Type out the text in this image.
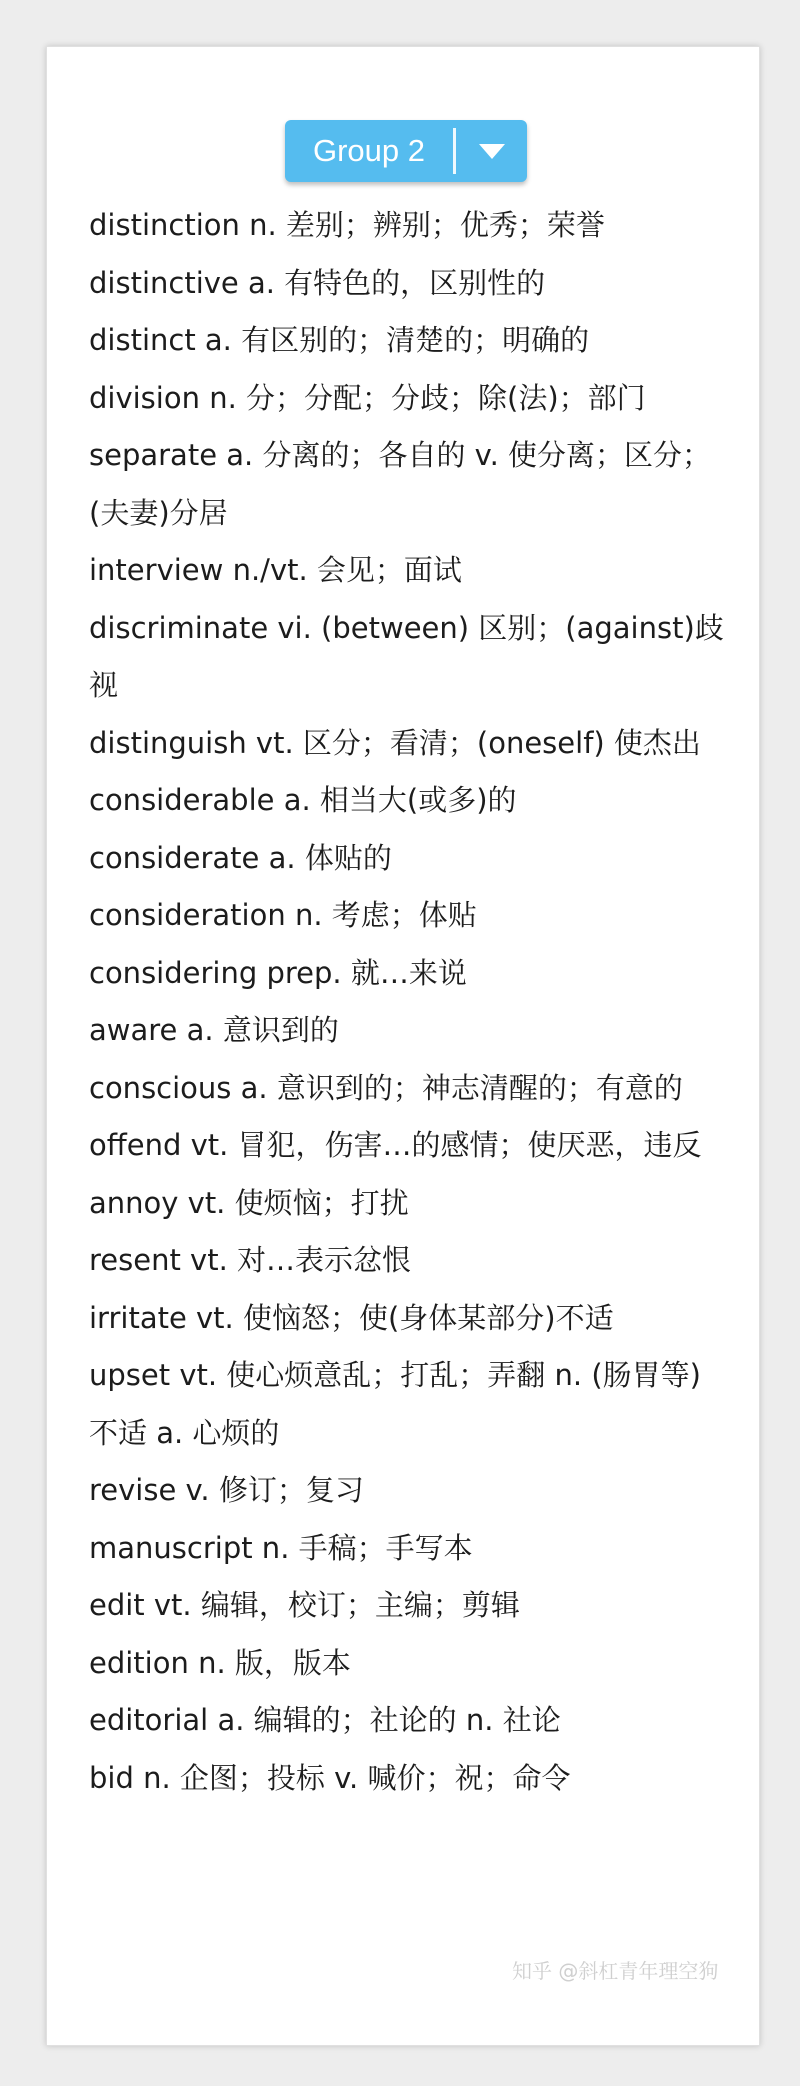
Group 2
distinction n. 差别；辨别；优秀；荣誉
distinctive a. 有特色的，区别性的
distinct a. 有区别的；清楚的；明确的
division n. 分；分配；分歧；除(法)；部门
separate a. 分离的；各自的 v. 使分离；区分；(夫妻)分居
interview n./vt. 会见；面试
discriminate vi. (between) 区别；(against)歧视
distinguish vt. 区分；看清；(oneself) 使杰出
considerable a. 相当大(或多)的
considerate a. 体贴的
consideration n. 考虑；体贴
considering prep. 就…来说
aware a. 意识到的
conscious a. 意识到的；神志清醒的；有意的
offend vt. 冒犯，伤害…的感情；使厌恶，违反
annoy vt. 使烦恼；打扰
resent vt. 对…表示忿恨
irritate vt. 使恼怒；使(身体某部分)不适
upset vt. 使心烦意乱；打乱；弄翻 n. (肠胃等)不适 a. 心烦的
revise v. 修订；复习
manuscript n. 手稿；手写本
edit vt. 编辑，校订；主编；剪辑
edition n. 版，版本
editorial a. 编辑的；社论的 n. 社论
bid n. 企图；投标 v. 喊价；祝；命令
知乎 @斜杠青年理空狗
